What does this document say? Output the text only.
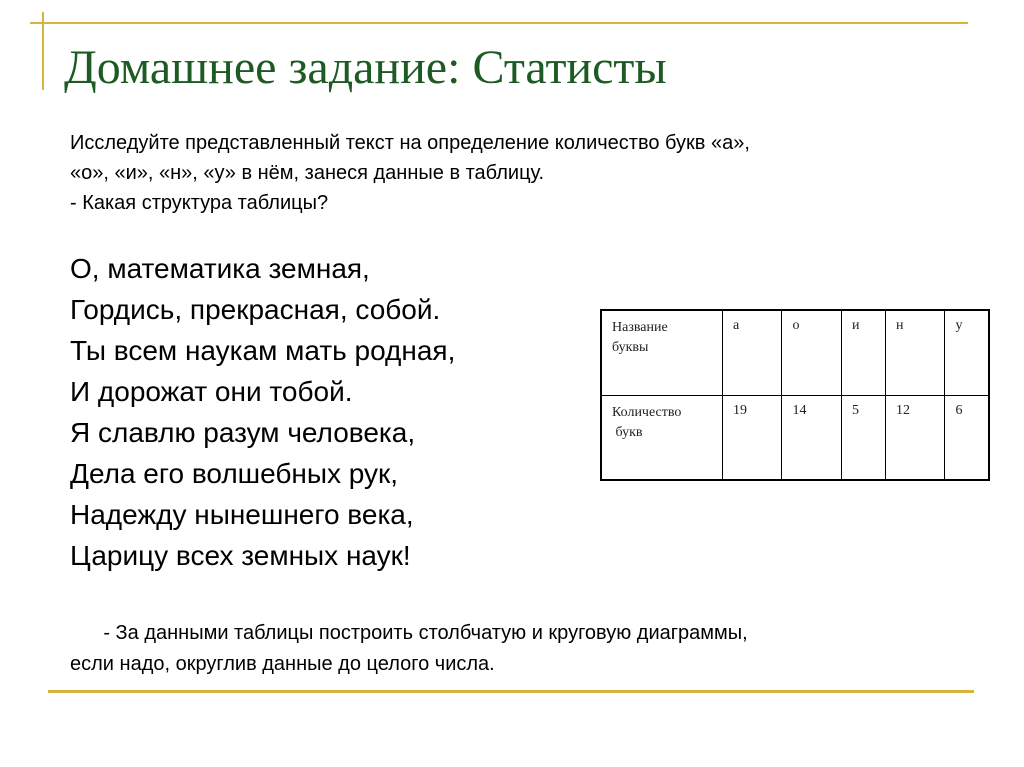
Домашнее задание: Статисты
Исследуйте представленный текст на определение количество букв «а»,
«о», «и», «н», «у» в нём, занеся данные в таблицу.
- Какая структура таблицы?
О, математика земная,
Гордись, прекрасная, собой.
Ты всем наукам мать родная,
И дорожат они тобой.
Я славлю разум человека,
Дела его волшебных рук,
Надежду нынешнего века,
Царицу всех земных наук!
Название
буквы	а	о	и	н	у
Количество
букв	19	14	5	12	6
- За данными таблицы построить столбчатую и круговую диаграммы,
если надо, округлив данные до целого числа.
